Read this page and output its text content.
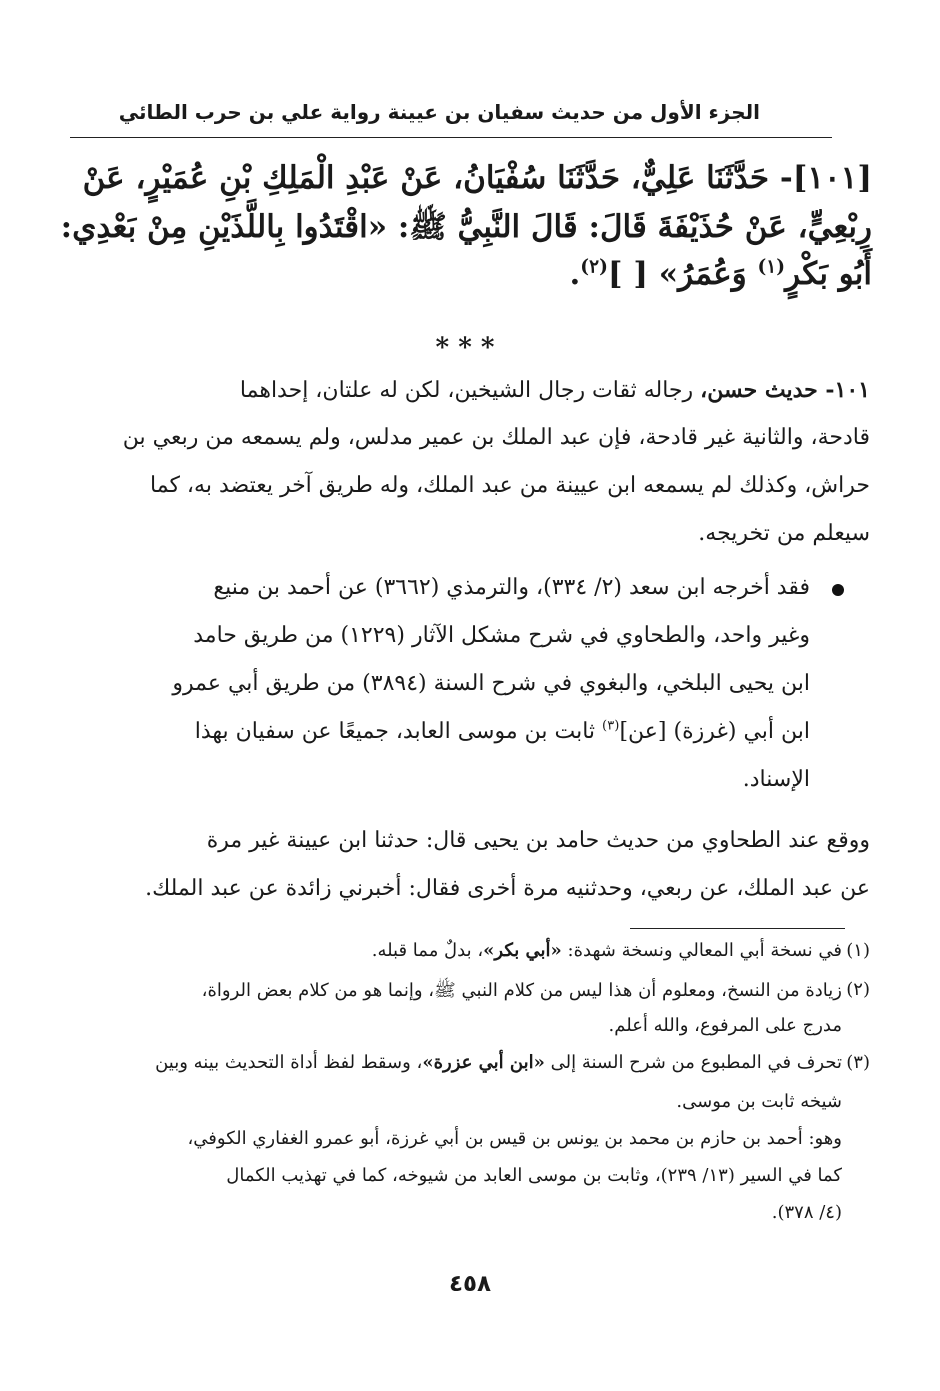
الجزء الأول من حديث سفيان بن عيينة رواية علي بن حرب الطائي
[١٠١]- حَدَّثَنَا عَلِيٌّ، حَدَّثَنَا سُفْيَانُ، عَنْ عَبْدِ الْمَلِكِ بْنِ عُمَيْرٍ، عَنْ
رِبْعِيٍّ، عَنْ حُذَيْفَةَ قَالَ: قَالَ النَّبِيُّ ﷺ: «اقْتَدُوا بِاللَّذَيْنِ مِنْ بَعْدِي:
أَبُو بَكْرٍ$^{(١)}$ وَعُمَرُ» [ ]$^{(٢)}$.
* * *
١٠١- حديث حسن، رجاله ثقات رجال الشيخين، لكن له علتان، إحداهما
قادحة، والثانية غير قادحة، فإن عبد الملك بن عمير مدلس، ولم يسمعه من ربعي بن
حراش، وكذلك لم يسمعه ابن عيينة من عبد الملك، وله طريق آخر يعتضد به، كما
سيعلم من تخريجه.
فقد أخرجه ابن سعد (٢/ ٣٣٤)، والترمذي (٣٦٦٢) عن أحمد بن منيع
وغير واحد، والطحاوي في شرح مشكل الآثار (١٢٢٩) من طريق حامد
ابن يحيى البلخي، والبغوي في شرح السنة (٣٨٩٤) من طريق أبي عمرو
ابن أبي (غرزة) [عن]$^{(٣)}$ ثابت بن موسى العابد، جميعًا عن سفيان بهذا
الإسناد.
ووقع عند الطحاوي من حديث حامد بن يحيى قال: حدثنا ابن عيينة غير مرة
عن عبد الملك، عن ربعي، وحدثنيه مرة أخرى فقال: أخبرني زائدة عن عبد الملك.
(١)
في نسخة أبي المعالي ونسخة شهدة: «أبي بكر»، بدلٌ مما قبله.
(٢)
زيادة من النسخ، ومعلوم أن هذا ليس من كلام النبي ﷺ، وإنما هو من كلام بعض الرواة،
مدرج على المرفوع، والله أعلم.
(٣)
تحرف في المطبوع من شرح السنة إلى «ابن أبي عزرة»، وسقط لفظ أداة التحديث بينه وبين
شيخه ثابت بن موسى.
وهو: أحمد بن حازم بن محمد بن يونس بن قيس بن أبي غرزة، أبو عمرو الغفاري الكوفي،
كما في السير (١٣/ ٢٣٩)، وثابت بن موسى العابد من شيوخه، كما في تهذيب الكمال
(٤/ ٣٧٨).
٤٥٨
